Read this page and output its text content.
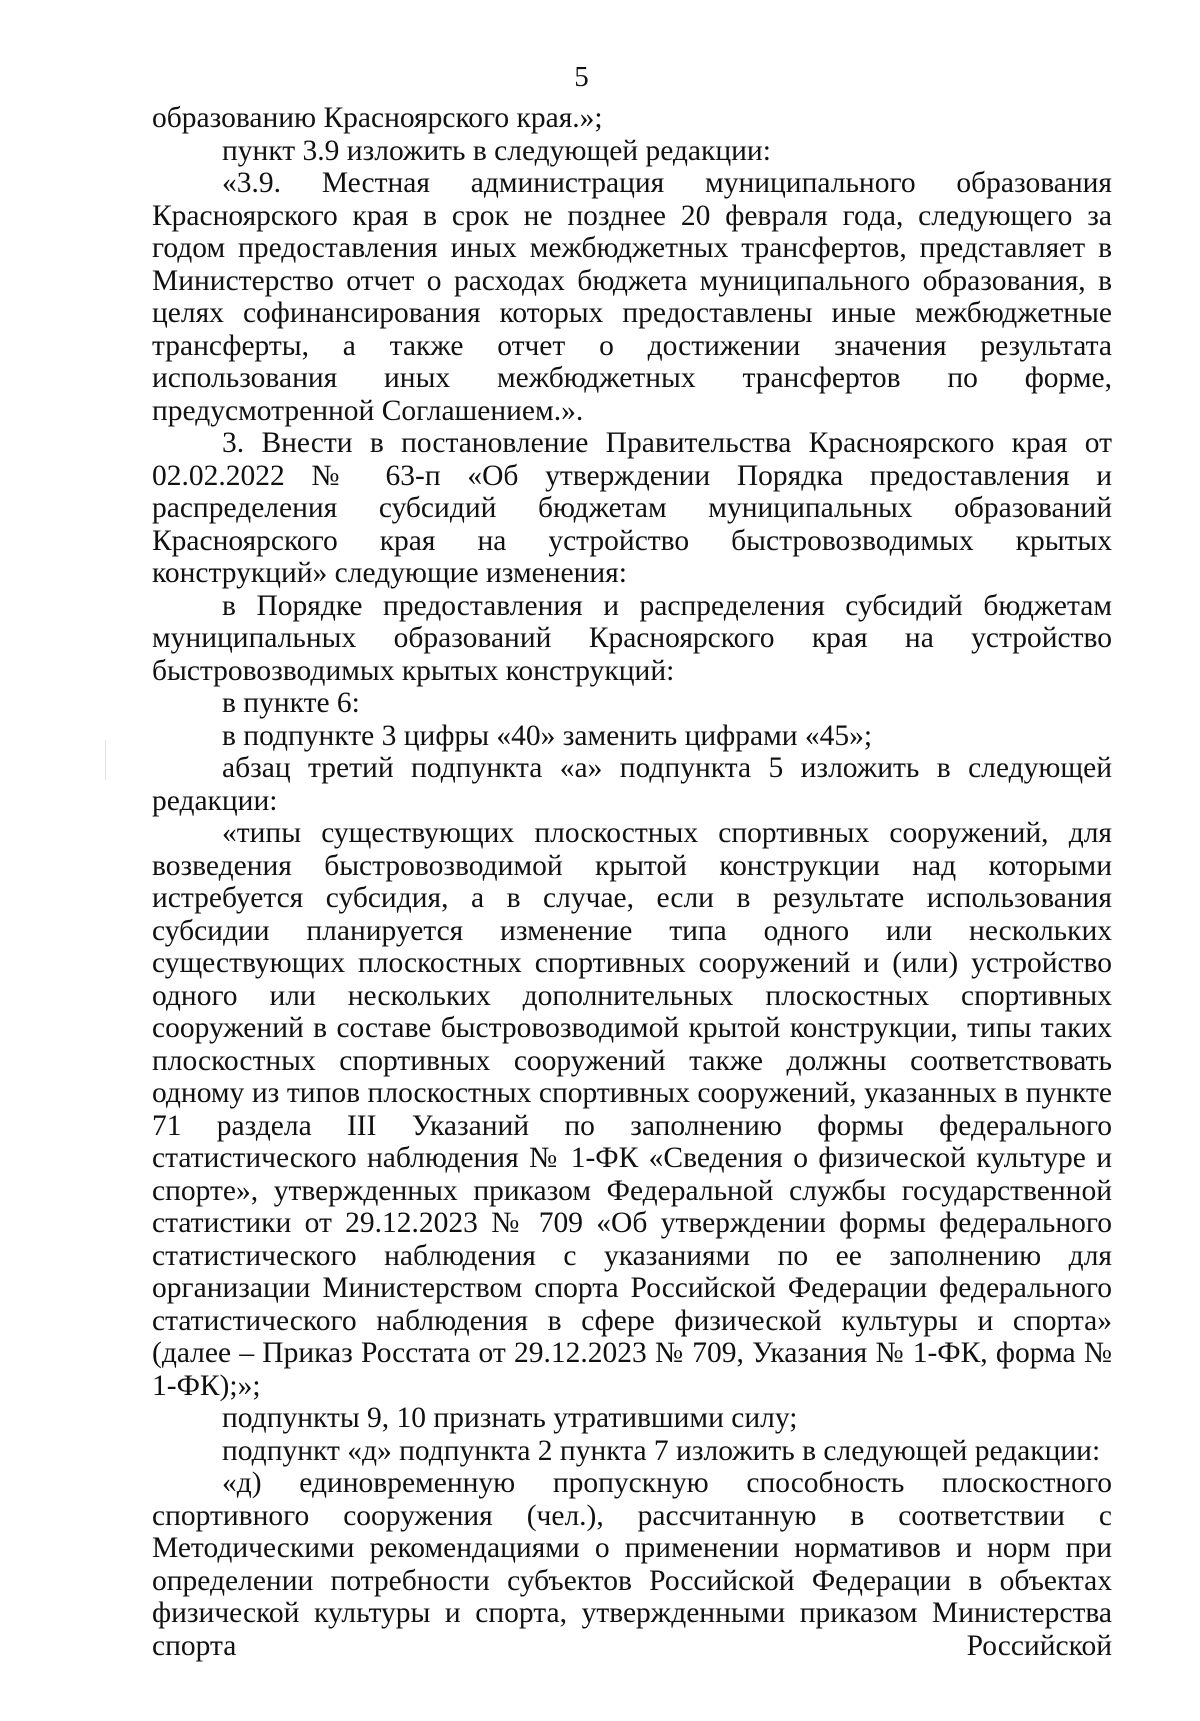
5

образованию Красноярского края.»;

пункт 3.9 изложить в следующей редакции:

«3.9. Местная администрация муниципального образования Красноярского края в срок не позднее 20 февраля года, следующего за годом предоставления иных межбюджетных трансфертов, представляет в Министерство отчет о расходах бюджета муниципального образования, в целях софинансирования которых предоставлены иные межбюджетные трансферты, а также отчет о достижении значения результата использования иных межбюджетных трансфертов по форме, предусмотренной Соглашением.».

3. Внести в постановление Правительства Красноярского края от 02.02.2022 № 63-п «Об утверждении Порядка предоставления и распределения субсидий бюджетам муниципальных образований Красноярского края на устройство быстровозводимых крытых конструкций» следующие изменения:

в Порядке предоставления и распределения субсидий бюджетам муниципальных образований Красноярского края на устройство быстровозводимых крытых конструкций:

в пункте 6:

в подпункте 3 цифры «40» заменить цифрами «45»;

абзац третий подпункта «а» подпункта 5 изложить в следующей редакции:

«типы существующих плоскостных спортивных сооружений, для возведения быстровозводимой крытой конструкции над которыми истребуется субсидия, а в случае, если в результате использования субсидии планируется изменение типа одного или нескольких существующих плоскостных спортивных сооружений и (или) устройство одного или нескольких дополнительных плоскостных спортивных сооружений в составе быстровозводимой крытой конструкции, типы таких плоскостных спортивных сооружений также должны соответствовать одному из типов плоскостных спортивных сооружений, указанных в пункте 71 раздела III Указаний по заполнению формы федерального статистического наблюдения № 1-ФК «Сведения о физической культуре и спорте», утвержденных приказом Федеральной службы государственной статистики от 29.12.2023 № 709 «Об утверждении формы федерального статистического наблюдения с указаниями по ее заполнению для организации Министерством спорта Российской Федерации федерального статистического наблюдения в сфере физической культуры и спорта» (далее – Приказ Росстата от 29.12.2023 № 709, Указания № 1-ФК, форма № 1-ФК);»;

подпункты 9, 10 признать утратившими силу;

подпункт «д» подпункта 2 пункта 7 изложить в следующей редакции:

«д) единовременную пропускную способность плоскостного спортивного сооружения (чел.), рассчитанную в соответствии с Методическими рекомендациями о применении нормативов и норм при определении потребности субъектов Российской Федерации в объектах физической культуры и спорта, утвержденными приказом Министерства спорта Российской
